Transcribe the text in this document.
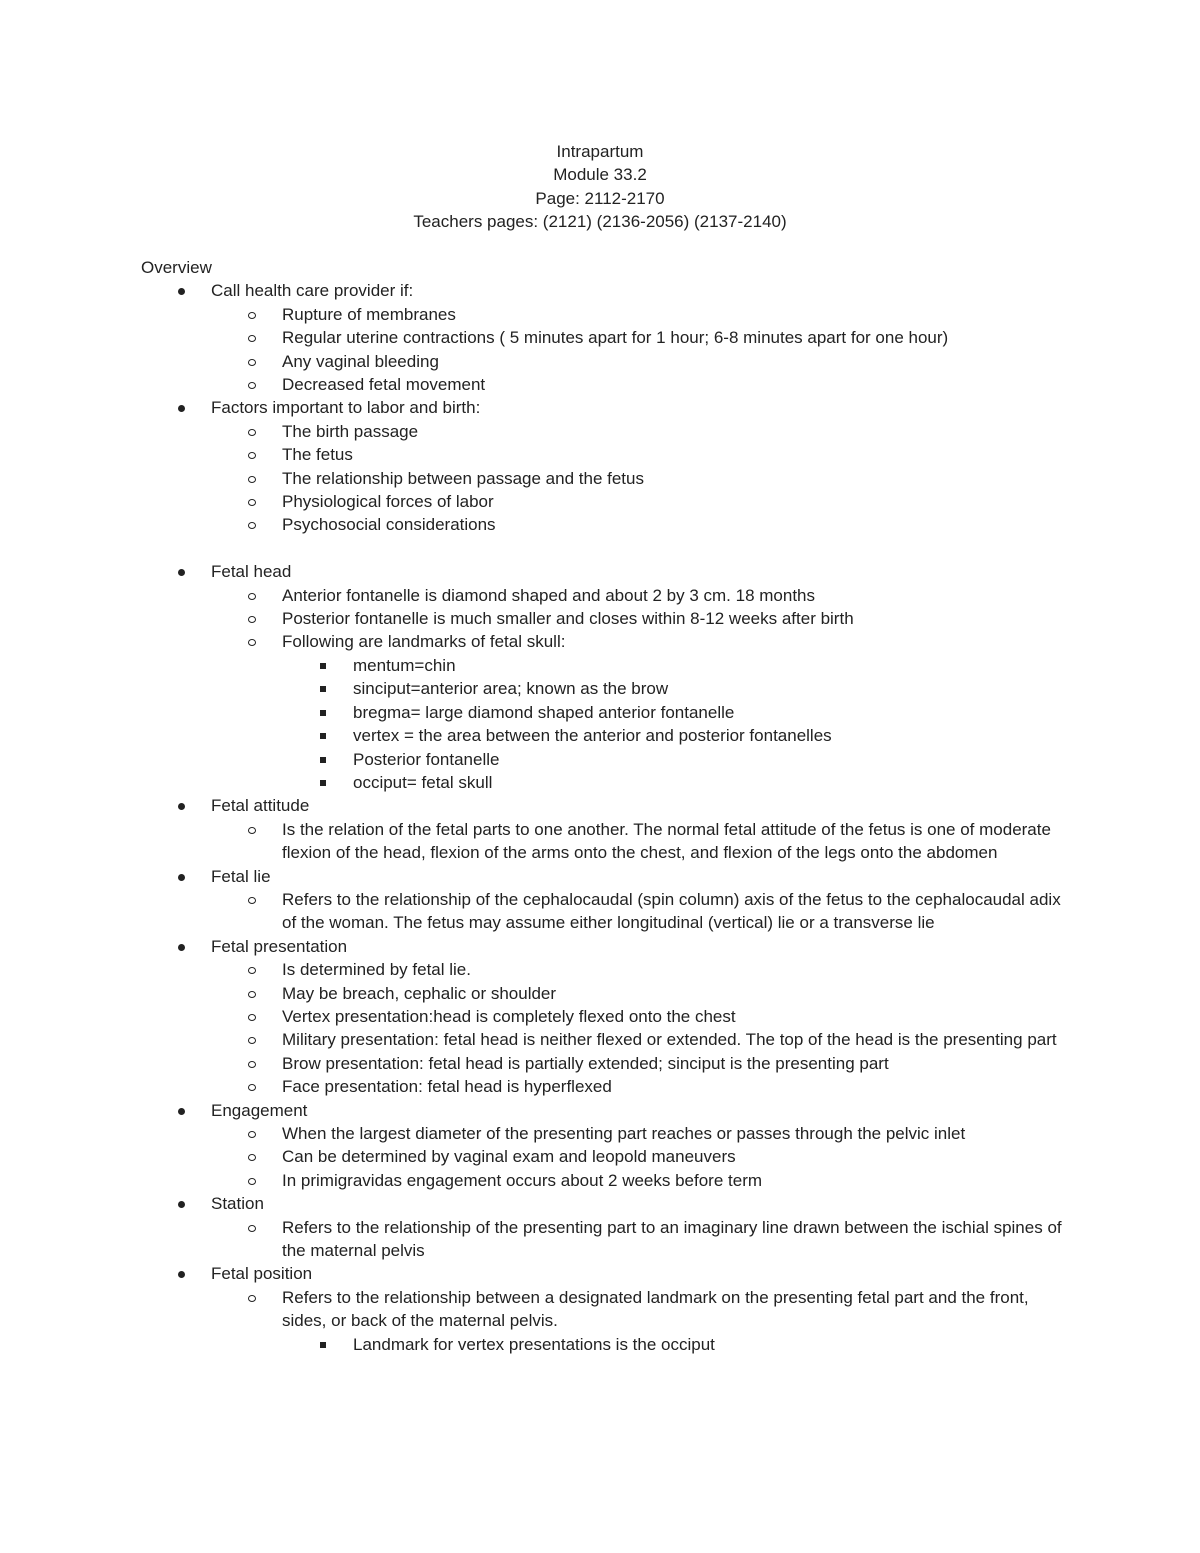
Intrapartum
Module 33.2
Page: 2112-2170
Teachers pages: (2121) (2136-2056) (2137-2140)
Overview
Call health care provider if:
Rupture of membranes
Regular uterine contractions ( 5 minutes apart for 1 hour; 6-8 minutes apart for one hour)
Any vaginal bleeding
Decreased fetal movement
Factors important to labor and birth:
The birth passage
The fetus
The relationship between passage and the fetus
Physiological forces of labor
Psychosocial considerations
Fetal head
Anterior fontanelle is diamond shaped and about 2 by 3 cm. 18 months
Posterior fontanelle is much smaller and closes within 8-12 weeks after birth
Following are landmarks of fetal skull:
mentum=chin
sinciput=anterior area; known as the brow
bregma= large diamond shaped anterior fontanelle
vertex = the area between the anterior and posterior fontanelles
Posterior fontanelle
occiput= fetal skull
Fetal attitude
Is the relation of the fetal parts to one another. The normal fetal attitude of the fetus is one of moderate flexion of the head, flexion of the arms onto the chest, and flexion of the legs onto the abdomen
Fetal lie
Refers to the relationship of the cephalocaudal (spin column) axis of the fetus to the cephalocaudal adix of the woman. The fetus may assume either longitudinal (vertical) lie or a transverse lie
Fetal presentation
Is determined by fetal lie.
May be breach, cephalic or shoulder
Vertex presentation:head is completely flexed onto the chest
Military presentation: fetal head is neither flexed or extended. The top of the head is the presenting part
Brow presentation: fetal head is partially extended; sinciput is the presenting part
Face presentation: fetal head is hyperflexed
Engagement
When the largest diameter of the presenting part reaches or passes through the pelvic inlet
Can be determined by vaginal exam and leopold maneuvers
In primigravidas engagement occurs about 2 weeks before term
Station
Refers to the relationship of the presenting part to an imaginary line drawn between the ischial spines of the maternal pelvis
Fetal position
Refers to the relationship between a designated landmark on the presenting fetal part and the front, sides, or back of the maternal pelvis.
Landmark for vertex presentations is the occiput
